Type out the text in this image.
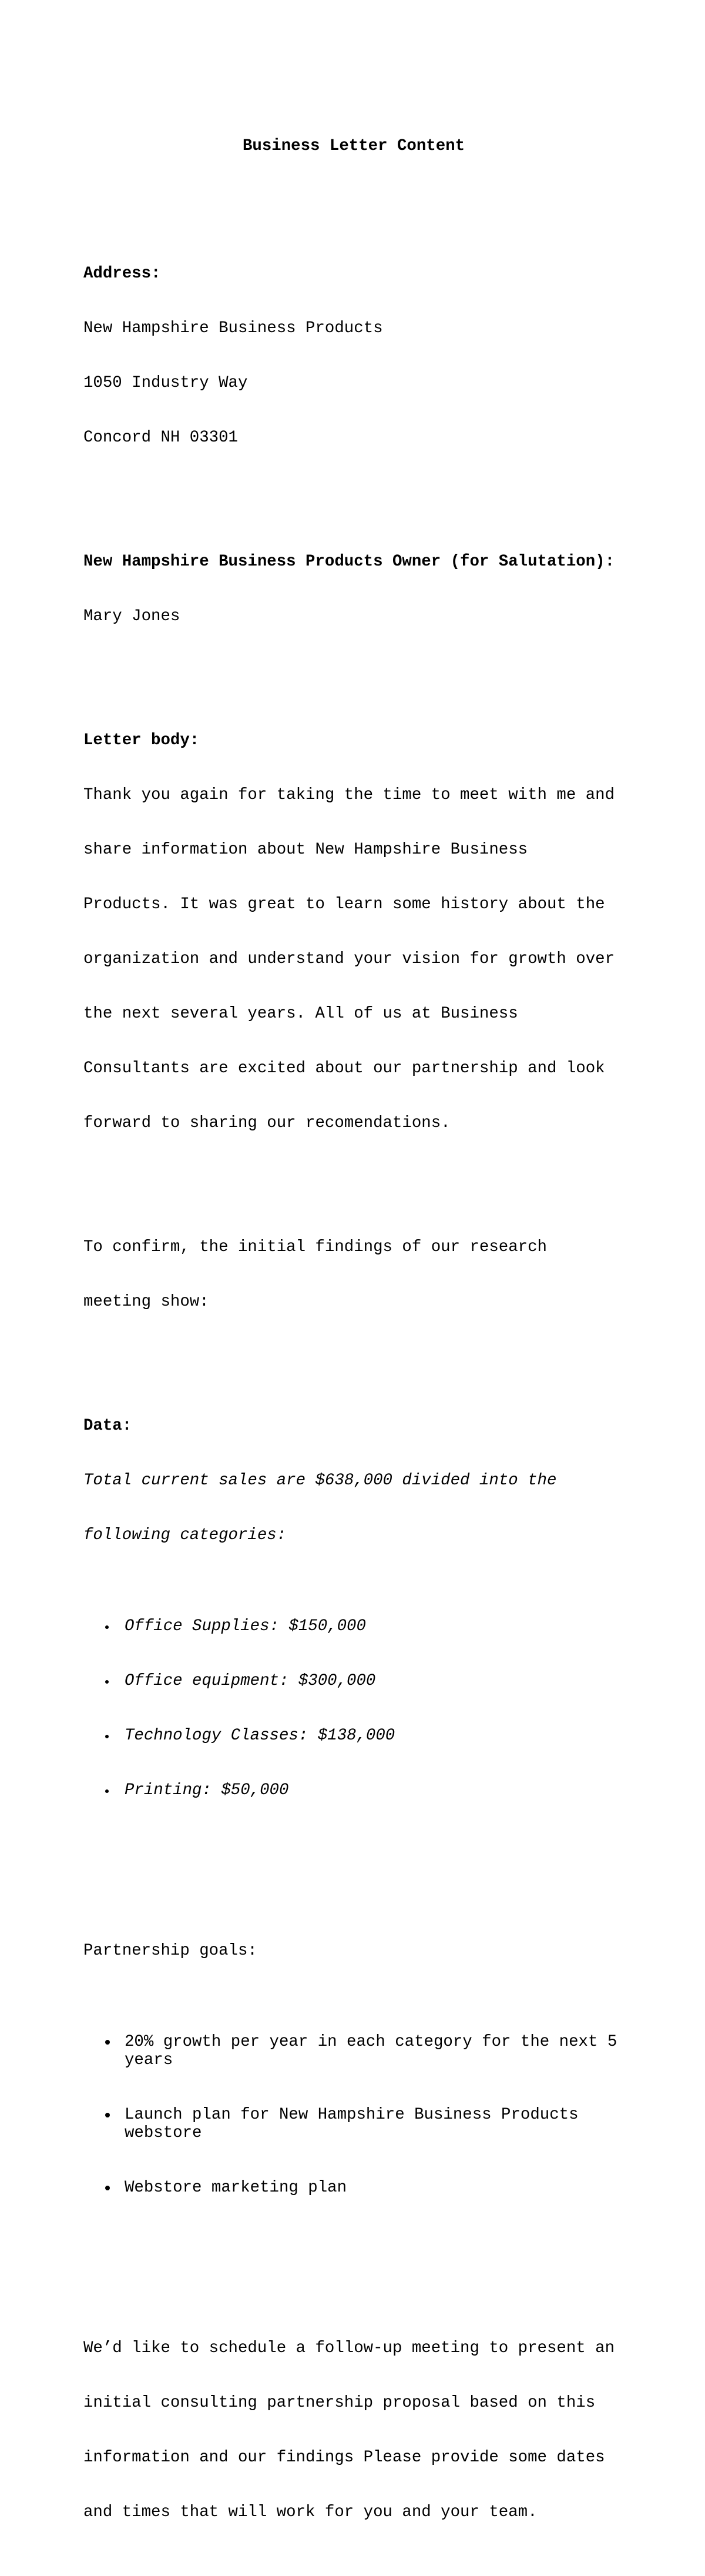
Business Letter Content

Address:

New Hampshire Business Products

1050 Industry Way

Concord NH 03301

New Hampshire Business Products Owner (for Salutation):

Mary Jones

Letter body:

Thank you again for taking the time to meet with me and

share information about New Hampshire Business

Products. It was great to learn some history about the

organization and understand your vision for growth over

the next several years. All of us at Business

Consultants are excited about our partnership and look

forward to sharing our recomendations.

To confirm, the initial findings of our research

meeting show:

Data:

Total current sales are $638,000 divided into the

following categories:

Office Supplies: $150,000

Office equipment: $300,000

Technology Classes: $138,000

Printing: $50,000

Partnership goals:

20% growth per year in each category for the next 5 years

Launch plan for New Hampshire Business Products webstore

Webstore marketing plan

We’d like to schedule a follow-up meeting to present an

initial consulting partnership proposal based on this

information and our findings Please provide some dates

and times that will work for you and your team.
